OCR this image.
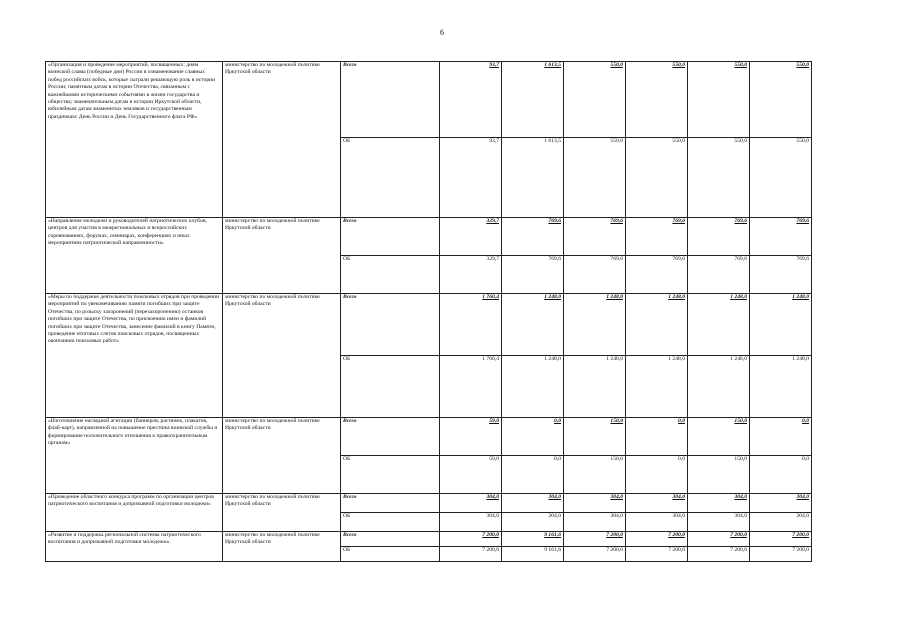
6
«Организация и проведение мероприятий, посвященных: дням воинской славы (победные дни) России в ознаменование славных побед российских войск, которые сыграли решающую роль в истории России; памятным датам в истории Отечества, связанным с важнейшими историческими событиями в жизни государства и общества; знаменательным датам в истории Иркутской области, юбилейным датам знаменитых земляков и государственным праздникам: День России и День Государственного флага РФ»	министерство по молодежной политике Иркутской области	Всего	93,7	1 613,5	550,0	550,0	550,0	550,0
		ОБ	93,7	1 613,5	550,0	550,0	550,0	550,0
«Направление молодежи и руководителей патриотических клубов, центров для участия в межрегиональных и всероссийских соревнованиях, форумах, семинарах, конференциях и иных мероприятиях патриотической направленности»	министерство по молодежной политике Иркутской области	Всего	329,7	769,6	769,6	769,6	769,6	769,6
		ОБ	329,7	769,6	769,6	769,6	769,6	769,6
«Меры по поддержке деятельности поисковых отрядов при проведении мероприятий по увековечиванию памяти погибших при защите Отечества, по розыску захоронений (перезахоронению) останков погибших при защите Отечества, по присвоению имен и фамилий погибших при защите Отечества, занесение фамилий в книгу Памяти, проведение итоговых слетов поисковых отрядов, посвященных окончанию поисковых работ»	министерство по молодежной политике Иркутской области	Всего	1 760,4	1 248,0	1 248,0	1 248,0	1 248,0	1 248,0
		ОБ	1 760,4	1 248,0	1 248,0	1 248,0	1 248,0	1 248,0
«Изготовление наглядной агитации (баннеров, растяжек, плакатов, флай-карт), направленной на повышение престижа воинской службы и формирование положительного отношения к правоохранительным органам»	министерство по молодежной политике Иркутской области	Всего	59,0	0,0	150,0	0,0	150,0	0,0
		ОБ	59,0	0,0	150,0	0,0	150,0	0,0
«Проведение областного конкурса программ по организации центров патриотического воспитания и допризывной подготовки молодежи»	министерство по молодежной политике Иркутской области	Всего	304,0	304,0	304,0	304,0	304,0	304,0
		ОБ	304,0	304,0	304,0	304,0	304,0	304,0
«Развитие и поддержка региональной системы патриотического воспитания и допризывной подготовки молодежи»	министерство по молодежной политике Иркутской области	Всего	7 200,0	9 161,6	7 200,0	7 200,0	7 200,0	7 200,0
		ОБ	7 200,0	9 161,6	7 200,0	7 200,0	7 200,0	7 200,0
